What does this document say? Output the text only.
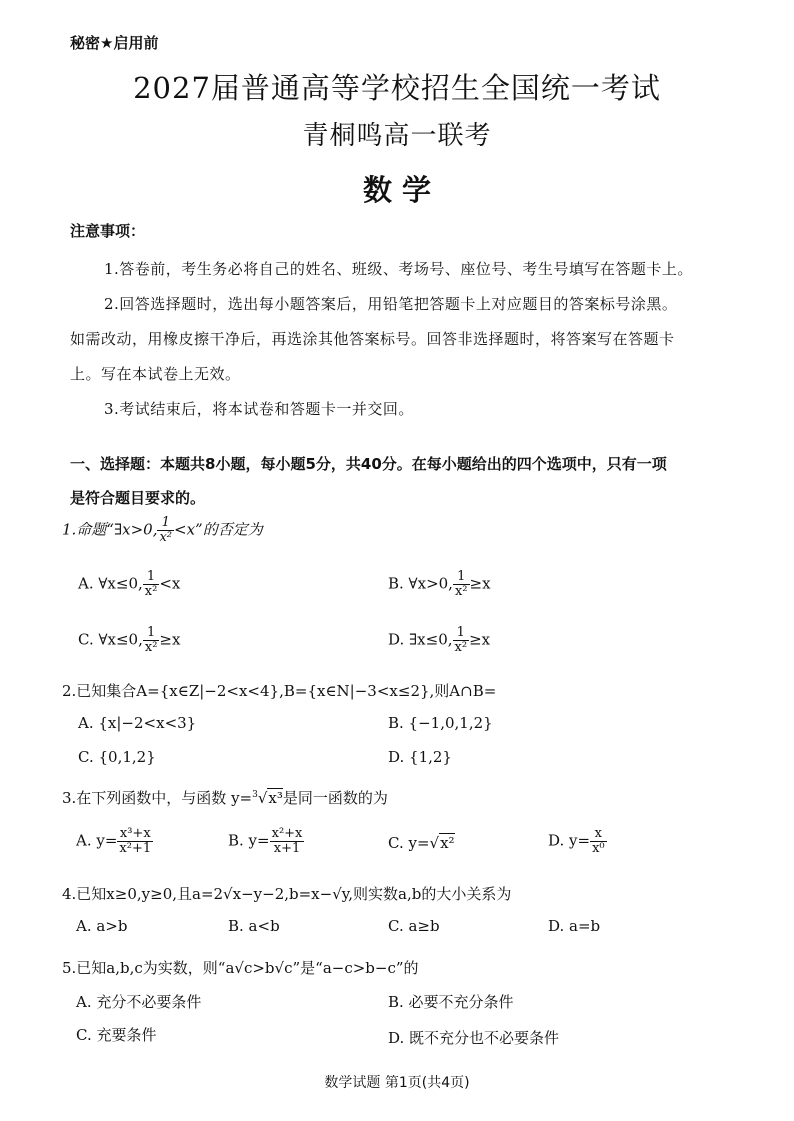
秘密★启用前
2027届普通高等学校招生全国统一考试
青桐鸣高一联考
数 学
注意事项：
1.答卷前，考生务必将自己的姓名、班级、考场号、座位号、考生号填写在答题卡上。
2.回答选择题时，选出每小题答案后，用铅笔把答题卡上对应题目的答案标号涂黑。
如需改动，用橡皮擦干净后，再选涂其他答案标号。回答非选择题时，将答案写在答题卡
上。写在本试卷上无效。
3.考试结束后，将本试卷和答题卡一并交回。
一、选择题：本题共8小题，每小题5分，共40分。在每小题给出的四个选项中，只有一项
是符合题目要求的。
1.命题“∃x>0, $\frac{1}{\text{x²}} <x$”的否定为
A. ∀x≤0, $\frac{1}{\text{x²}} <x$	B. ∀x>0, $\frac{1}{\text{x²}} \ge x$
C. ∀x≤0, $\frac{1}{\text{x²}} \ge x$	D. ∃x≤0, $\frac{1}{\text{x²}} \ge x$
2.已知集合A={x∈Z|−2<x<4},B={x∈N|−3<x≤2},则A∩B=
A. {x|−2<x<3}	B. {−1,0,1,2}
C. {0,1,2}	D. {1,2}
3.在下列函数中，与函数 y=$^3$√x³是同一函数的为
A. $y= \frac{\text{x³+x}}{\text{x²+1}}$	B. $y= \frac{\text{x²+x}}{x+1}$	C. y=√x²	D. $y= \frac{x}{\text{x⁰}}$
4.已知x≥0,y≥0,且a=2√x−y−2,b=x−√y,则实数a,b的大小关系为
A. a>b	B. a<b	C. a≥b	D. a=b
5.已知a,b,c为实数，则“a√c>b√c”是“a−c>b−c”的
A. 充分不必要条件	B. 必要不充分条件
C. 充要条件	D. 既不充分也不必要条件
数学试题 第1页(共4页)
